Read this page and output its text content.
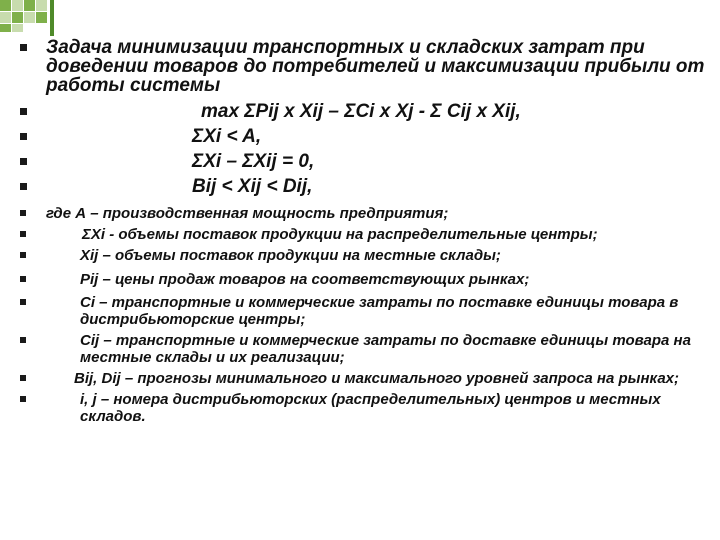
Задача минимизации транспортных и складских затрат при доведении товаров до потребителей и максимизации прибыли от работы системы
max ΣPij x Xij – ΣCi x Xj - Σ Cij x Xij,
ΣXi < A,
ΣXi – ΣXij = 0,
Bij < Xij < Dij,
где А – производственная мощность предприятия;
ΣXi - объемы поставок продукции на распределительные центры;
Xij – объемы поставок продукции на местные склады;
Pij – цены продаж товаров на соответствующих рынках;
Ci – транспортные и коммерческие затраты по поставке единицы товара в дистрибьюторские центры;
Cij – транспортные и коммерческие затраты по доставке единицы товара на местные склады и их реализации;
Bij, Dij – прогнозы минимального и максимального уровней запроса на рынках;
i, j – номера дистрибьюторских (распределительных) центров и местных складов.
